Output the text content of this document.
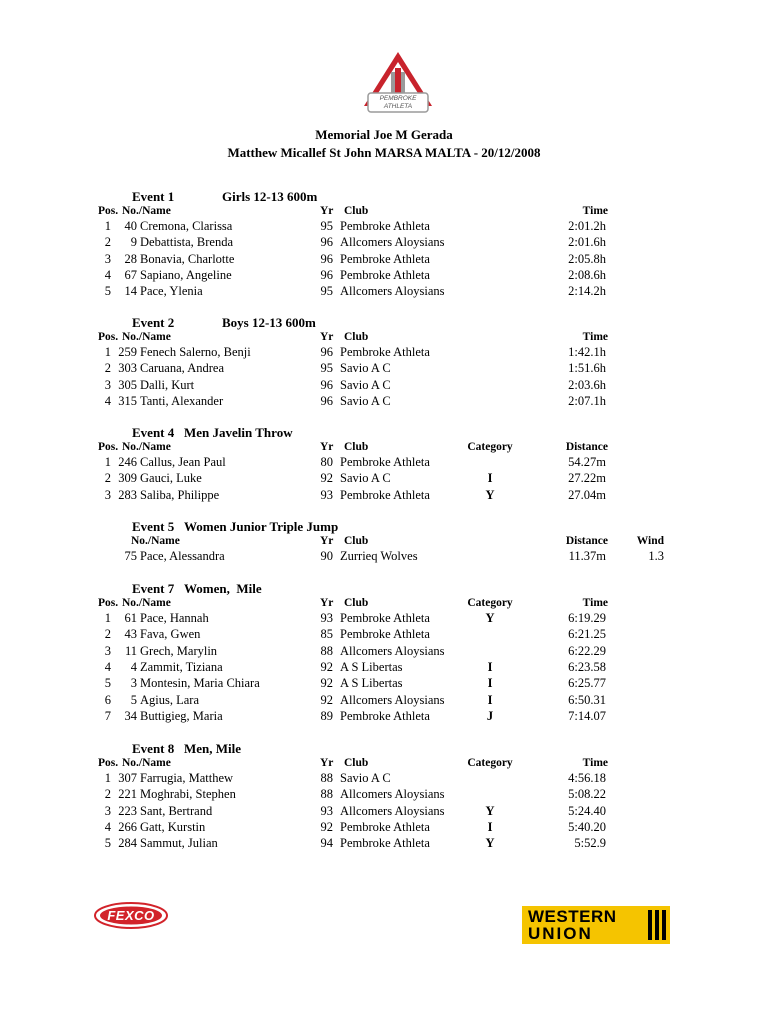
PEMBROKE ATHLETA
Memorial Joe M Gerada
Matthew Micallef St John MARSA MALTA - 20/12/2008
Event 1	Girls 12-13 600m
Pos. No./Name	Yr Club	Time
1	40 Cremona, Clarissa	95 Pembroke Athleta	2:01.2h
2	9 Debattista, Brenda	96 Allcomers Aloysians	2:01.6h
3	28 Bonavia, Charlotte	96 Pembroke Athleta	2:05.8h
4	67 Sapiano, Angeline	96 Pembroke Athleta	2:08.6h
5	14 Pace, Ylenia	95 Allcomers Aloysians	2:14.2h
Event 2	Boys 12-13 600m
Pos. No./Name	Yr Club	Time
1 259 Fenech Salerno, Benji	96 Pembroke Athleta	1:42.1h
2 303 Caruana, Andrea	95 Savio A C	1:51.6h
3 305 Dalli, Kurt	96 Savio A C	2:03.6h
4 315 Tanti, Alexander	96 Savio A C	2:07.1h
Event 4 Men Javelin Throw
Pos. No./Name	Yr Club	Category	Distance
1 246 Callus, Jean Paul	80 Pembroke Athleta	54.27m
2 309 Gauci, Luke	92 Savio A C	I	27.22m
3 283 Saliba, Philippe	93 Pembroke Athleta	Y	27.04m
Event 5 Women Junior Triple Jump
No./Name	Yr Club	Distance	Wind
75 Pace, Alessandra	90 Zurrieq Wolves	11.37m	1.3
Event 7 Women,  Mile
Pos. No./Name	Yr Club	Category	Time
1	61 Pace, Hannah	93 Pembroke Athleta	Y	6:19.29
2	43 Fava, Gwen	85 Pembroke Athleta	6:21.25
3	11 Grech, Marylin	88 Allcomers Aloysians	6:22.29
4	4 Zammit, Tiziana	92 A S Libertas	I	6:23.58
5	3 Montesin, Maria Chiara	92 A S Libertas	I	6:25.77
6	5 Agius, Lara	92 Allcomers Aloysians	I	6:50.31
7	34 Buttigieg, Maria	89 Pembroke Athleta	J	7:14.07
Event 8 Men, Mile
Pos. No./Name	Yr Club	Category	Time
1 307 Farrugia, Matthew	88 Savio A C	4:56.18
2 221 Moghrabi, Stephen	88 Allcomers Aloysians	5:08.22
3 223 Sant, Bertrand	93 Allcomers Aloysians	Y	5:24.40
4 266 Gatt, Kurstin	92 Pembroke Athleta	I	5:40.20
5 284 Sammut, Julian	94 Pembroke Athleta	Y	5:52.9
FEXCO	WESTERN
UNION
